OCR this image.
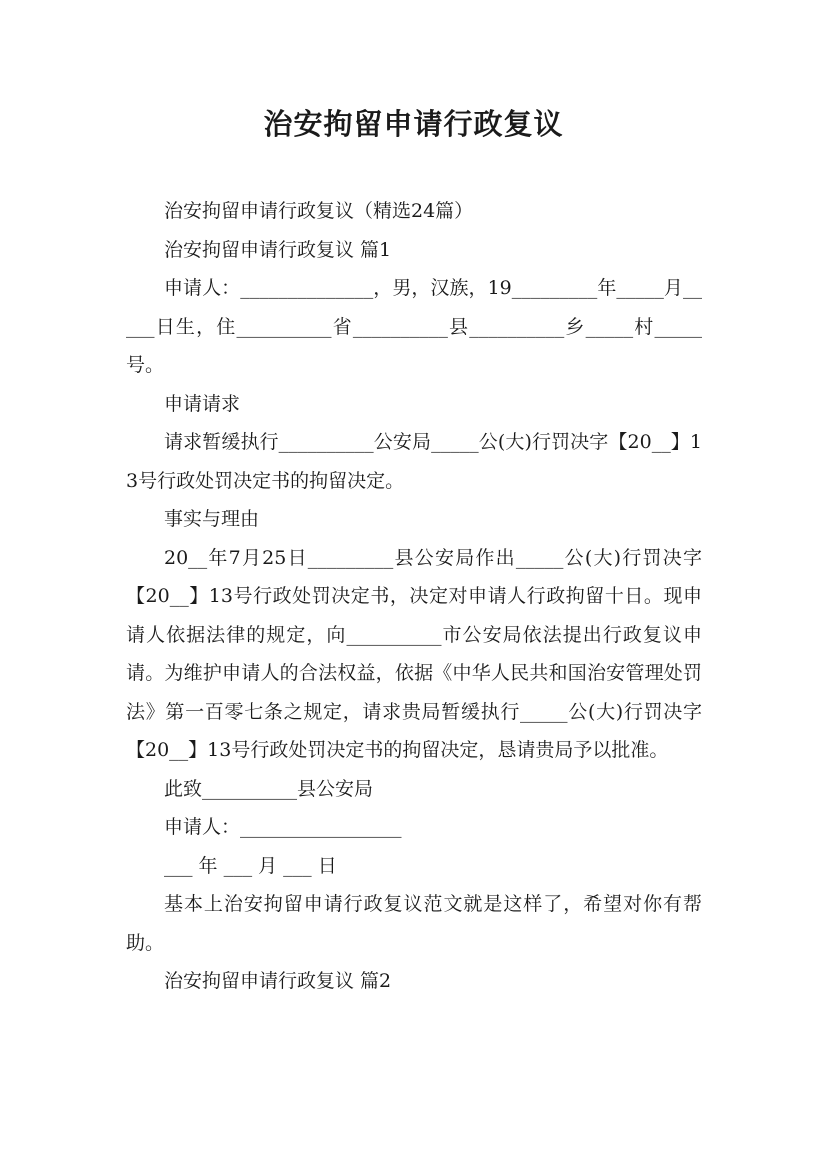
治安拘留申请行政复议

治安拘留申请行政复议（精选24篇）

治安拘留申请行政复议 篇1

申请人：______________，男，汉族，19_________年_____月_____日生，住__________省__________县__________乡_____村_____号。

申请请求

请求暂缓执行__________公安局_____公(大)行罚决字【20__】13号行政处罚决定书的拘留决定。

事实与理由

20__年7月25日_________县公安局作出_____公(大)行罚决字【20__】13号行政处罚决定书，决定对申请人行政拘留十日。现申请人依据法律的规定，向__________市公安局依法提出行政复议申请。为维护申请人的合法权益，依据《中华人民共和国治安管理处罚法》第一百零七条之规定，请求贵局暂缓执行_____公(大)行罚决字【20__】13号行政处罚决定书的拘留决定，恳请贵局予以批准。

此致__________县公安局

申请人：_________________

___ 年 ___ 月 ___ 日

基本上治安拘留申请行政复议范文就是这样了，希望对你有帮助。

治安拘留申请行政复议 篇2
